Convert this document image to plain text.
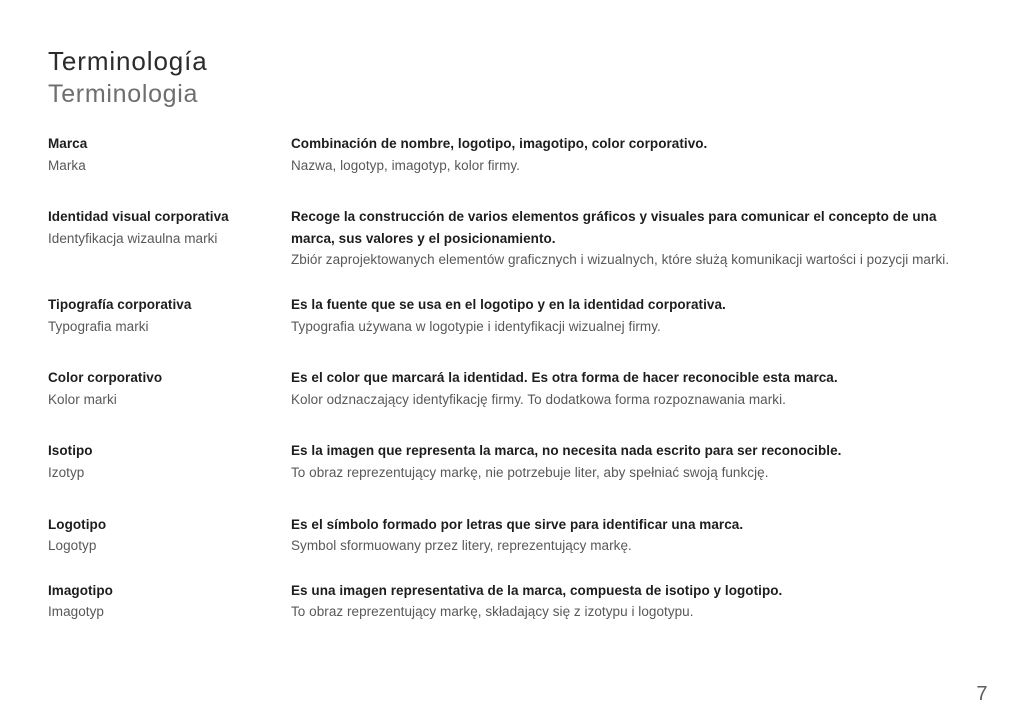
Terminología
Terminologia
Marca
Marka
Combinación de nombre, logotipo, imagotipo, color corporativo.
Nazwa, logotyp, imagotyp, kolor firmy.
Identidad visual corporativa
Identyfikacja wizaulna marki
Recoge la construcción de varios elementos gráficos y visuales para comunicar el concepto de una marca, sus valores y el posicionamiento.
Zbiór zaprojektowanych elementów graficznych i wizualnych, które służą komunikacji wartości i pozycji marki.
Tipografía corporativa
Typografia marki
Es la fuente que se usa en el logotipo y en la identidad corporativa.
Typografia używana w logotypie i identyfikacji wizualnej firmy.
Color corporativo
Kolor marki
Es el color que marcará la identidad. Es otra forma de hacer reconocible esta marca.
Kolor odznaczający identyfikację firmy. To dodatkowa forma rozpoznawania marki.
Isotipo
Izotyp
Es la imagen que representa la marca, no necesita nada escrito para ser reconocible.
To obraz reprezentujący markę, nie potrzebuje liter, aby spełniać swoją funkcję.
Logotipo
Logotyp
Es el símbolo formado por letras que sirve para identificar una marca.
Symbol sformuowany przez litery, reprezentujący markę.
Imagotipo
Imagotyp
Es una imagen representativa de la marca, compuesta de isotipo y logotipo.
To obraz reprezentujący markę, składający się z izotypu i logotypu.
7
